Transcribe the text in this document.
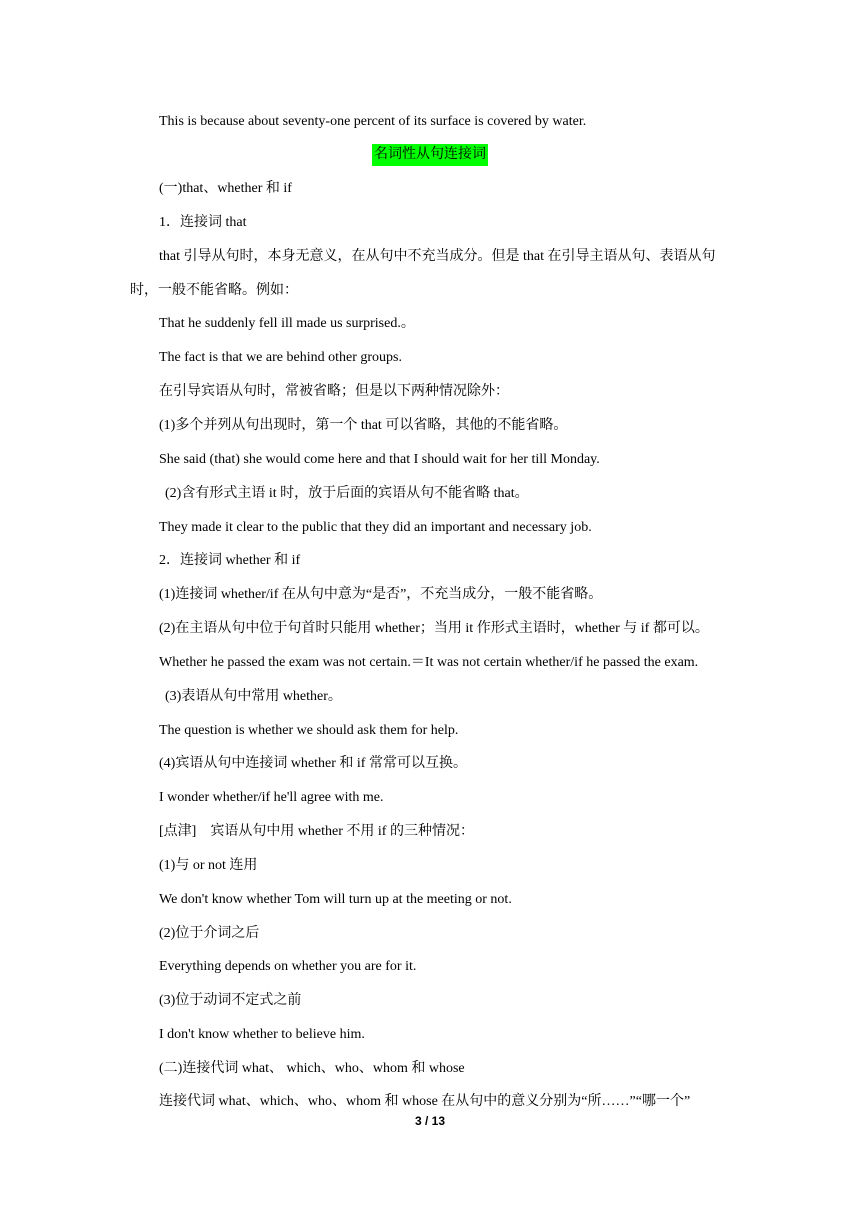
This is because about seventy-one percent of its surface is covered by water.
名词性从句连接词
(一)that、whether 和 if
1．连接词 that
that 引导从句时，本身无意义，在从句中不充当成分。但是 that 在引导主语从句、表语从句
时，一般不能省略。例如：
That he suddenly fell ill made us surprised.。
The fact is that we are behind other groups.
在引导宾语从句时，常被省略；但是以下两种情况除外：
(1)多个并列从句出现时，第一个 that 可以省略，其他的不能省略。
She said (that) she would come here and that I should wait for her till Monday.
(2)含有形式主语 it 时，放于后面的宾语从句不能省略 that。
They made it clear to the public that they did an important and necessary job.
2．连接词 whether 和 if
(1)连接词 whether/if 在从句中意为“是否”，不充当成分，一般不能省略。
(2)在主语从句中位于句首时只能用 whether；当用 it 作形式主语时，whether 与 if 都可以。
Whether he passed the exam was not certain.＝It was not certain whether/if he passed the exam.
(3)表语从句中常用 whether。
The question is whether we should ask them for help.
(4)宾语从句中连接词 whether 和 if 常常可以互换。
I wonder whether/if he'll agree with me.
[点津]　宾语从句中用 whether 不用 if 的三种情况：
(1)与 or not 连用
We don't know whether Tom will turn up at the meeting or not.
(2)位于介词之后
Everything depends on whether you are for it.
(3)位于动词不定式之前
I don't know whether to believe him.
(二)连接代词 what、 which、who、whom 和 whose
连接代词 what、which、who、whom 和 whose 在从句中的意义分别为“所……”“哪一个”
3 / 13
